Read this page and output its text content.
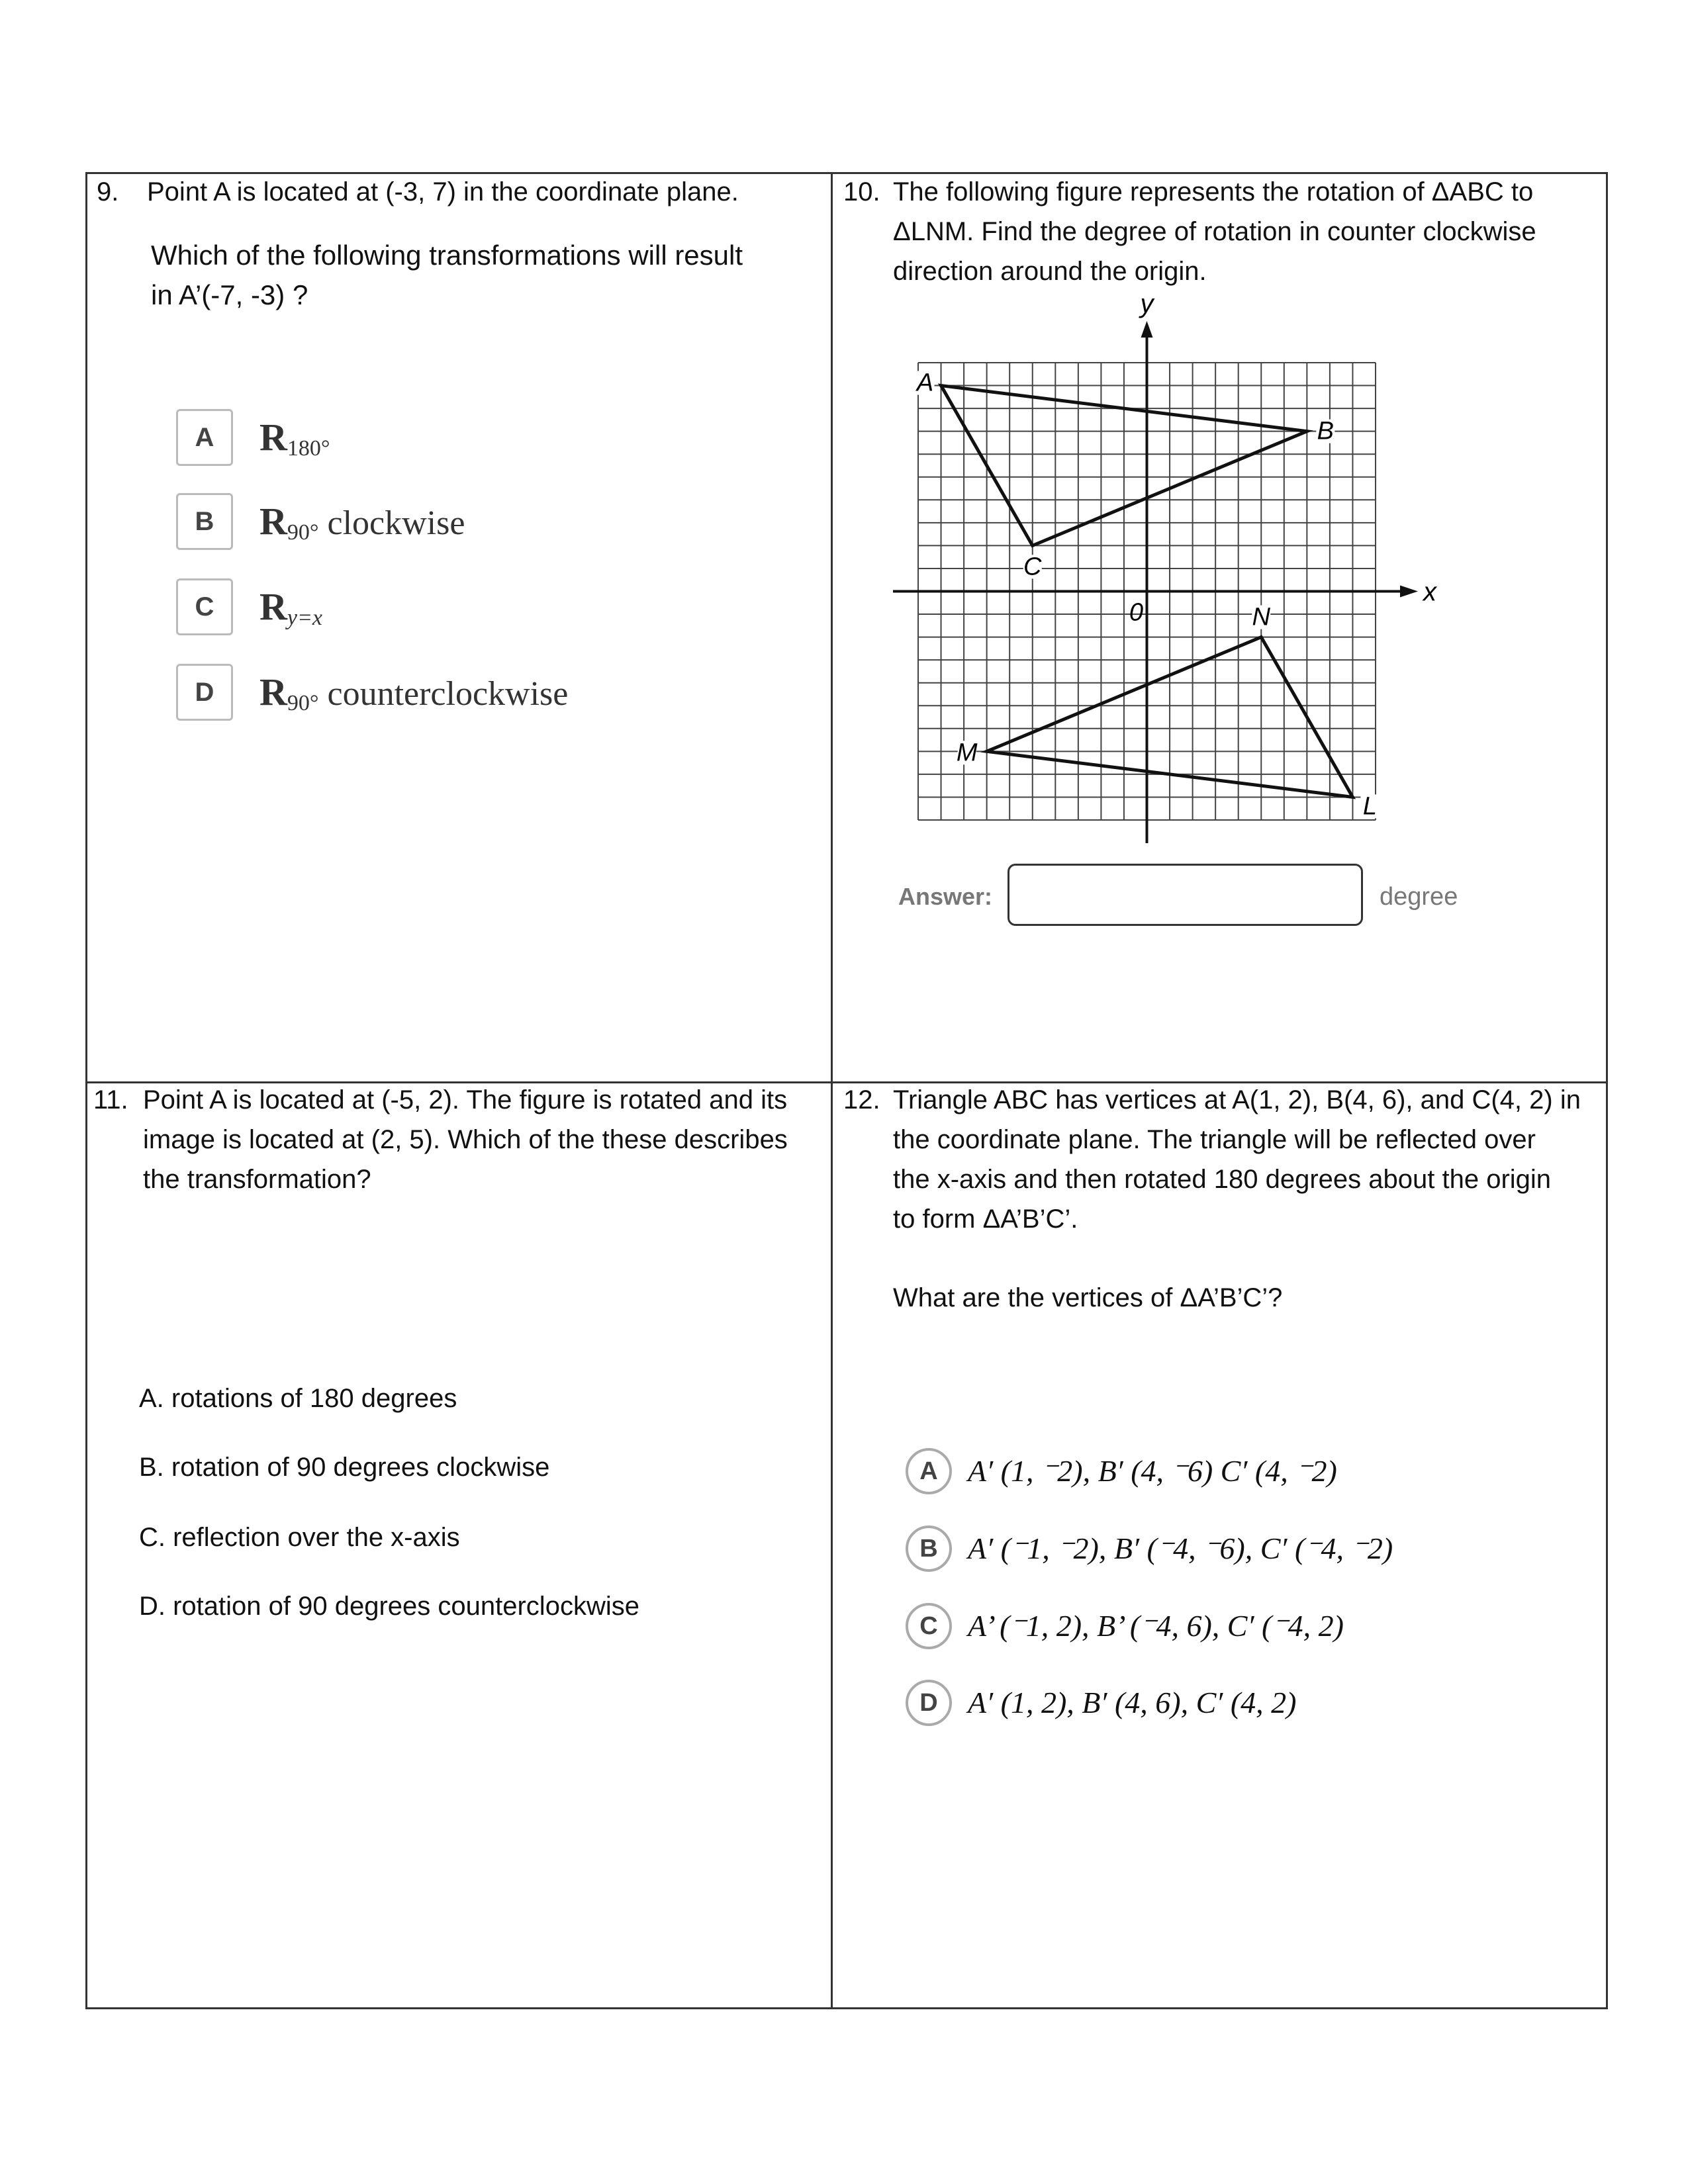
9. Point A is located at (-3, 7) in the coordinate plane.
Which of the following transformations will result
in A’(-7, -3) ?
A	$R_{180^\circ}$
B	$R_{90^\circ}$ clockwise
C	$R_{y=x}$
D	$R_{90^\circ}$ counterclockwise
10. The following figure represents the rotation of ΔABC to
ΔLNM. Find the degree of rotation in counter clockwise
direction around the origin.
y
x
0
A
B
C
L
N
M
Answer:	degree
11. Point A is located at (-5, 2). The figure is rotated and its
image is located at (2, 5). Which of the these describes
the transformation?
A. rotations of 180 degrees
B. rotation of 90 degrees clockwise
C. reflection over the x-axis
D. rotation of 90 degrees counterclockwise
12. Triangle ABC has vertices at A(1, 2), B(4, 6), and C(4, 2) in
the coordinate plane. The triangle will be reflected over
the x-axis and then rotated 180 degrees about the origin
to form ΔA’B’C’.
What are the vertices of ΔA’B’C’?
A A′ (1, ⁻2), B′ (4, ⁻6) C′ (4, ⁻2)
B A′ (⁻1, ⁻2), B′ (⁻4, ⁻6), C′ (⁻4, ⁻2)
C A’ (⁻1, 2), B’ (⁻4, 6), C′ (⁻4, 2)
D A′ (1, 2), B′ (4, 6), C′ (4, 2)
